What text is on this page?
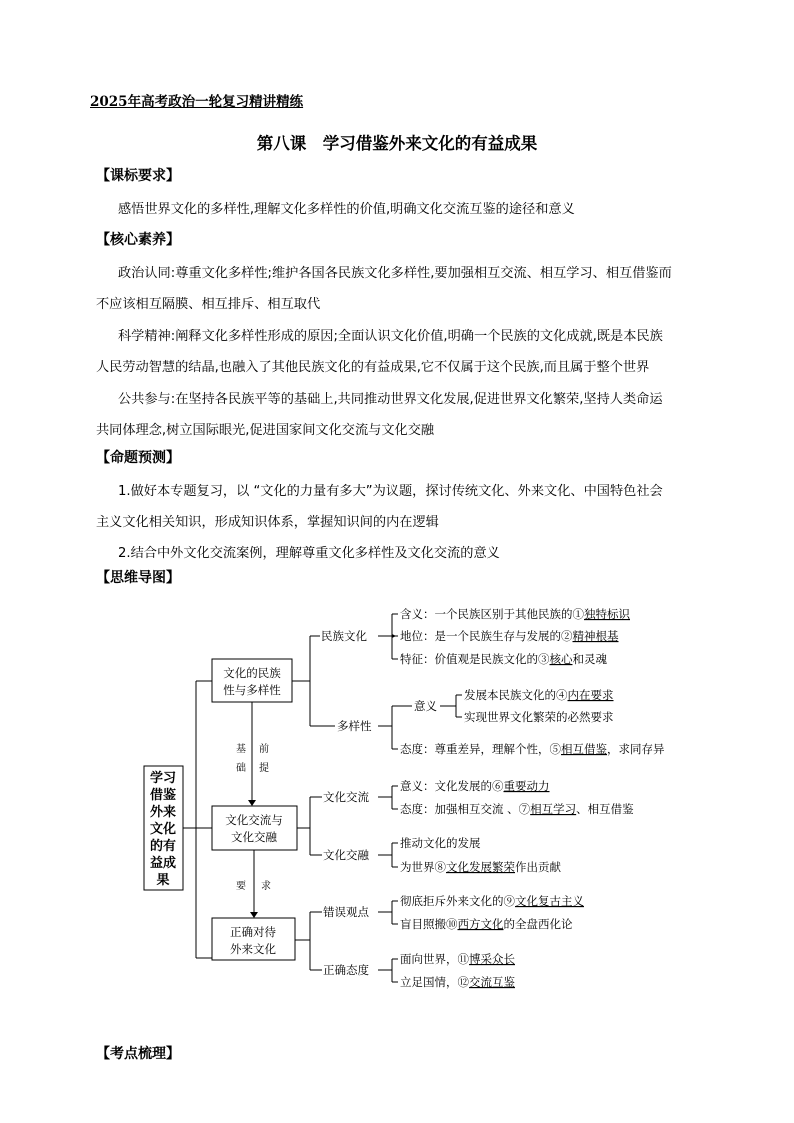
2025年高考政治一轮复习精讲精练
第八课　学习借鉴外来文化的有益成果
【课标要求】
感悟世界文化的多样性,理解文化多样性的价值,明确文化交流互鉴的途径和意义
【核心素养】
政治认同:尊重文化多样性;维护各国各民族文化多样性,要加强相互交流、相互学习、相互借鉴而
不应该相互隔膜、相互排斥、相互取代
科学精神:阐释文化多样性形成的原因;全面认识文化价值,明确一个民族的文化成就,既是本民族
人民劳动智慧的结晶,也融入了其他民族文化的有益成果,它不仅属于这个民族,而且属于整个世界
公共参与:在坚持各民族平等的基础上,共同推动世界文化发展,促进世界文化繁荣,坚持人类命运
共同体理念,树立国际眼光,促进国家间文化交流与文化交融
【命题预测】
1.做好本专题复习，以 “文化的力量有多大”为议题，探讨传统文化、外来文化、中国特色社会
主义文化相关知识，形成知识体系，掌握知识间的内在逻辑
2.结合中外文化交流案例，理解尊重文化多样性及文化交流的意义
【思维导图】
学习
借鉴
外来
文化
的有
益成
果
文化的民族
性与多样性
文化交流与
文化交融
正确对待
外来文化
基
础
前
提
要 求
民族文化
含义：一个民族区别于其他民族的①独特标识
地位：是一个民族生存与发展的②精神根基
特征：价值观是民族文化的③核心和灵魂
多样性
意义
发展本民族文化的④内在要求
实现世界文化繁荣的必然要求
态度：尊重差异，理解个性，⑤相互借鉴，求同存异
文化交流
意义：文化发展的⑥重要动力
态度：加强相互交流 、⑦相互学习、相互借鉴
文化交融
推动文化的发展
为世界⑧文化发展繁荣作出贡献
错误观点
彻底拒斥外来文化的⑨文化复古主义
盲目照搬⑩西方文化的全盘西化论
正确态度
面向世界，⑪博采众长
立足国情，⑫交流互鉴
【考点梳理】
